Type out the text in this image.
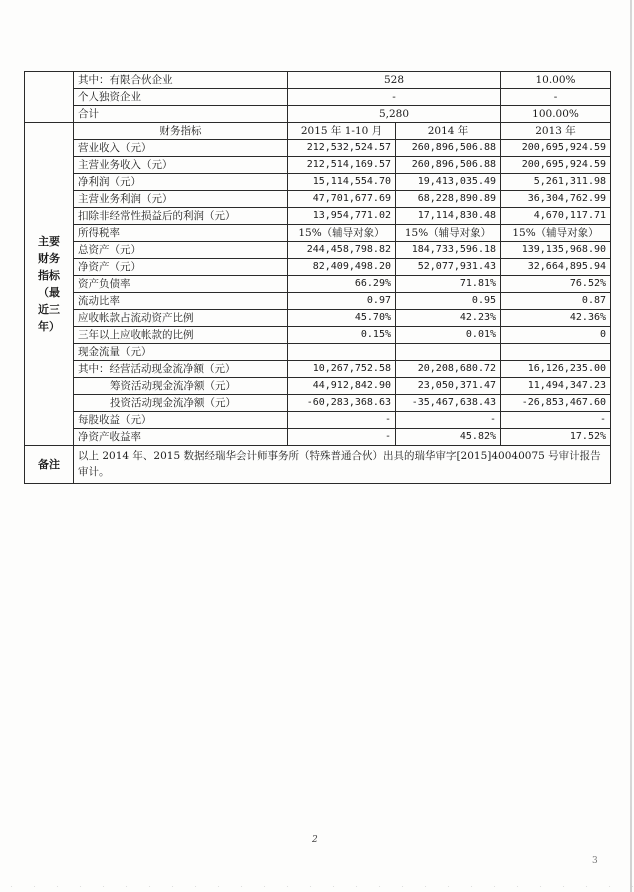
	其中：有限合伙企业	528		10.00%
	个人独资企业	-		-
	合计	5,280		100.00%
主要财务指标（最近三年）	财务指标	2015 年 1-10 月	2014 年	2013 年
	营业收入（元）	212,532,524.57	260,896,506.88	200,695,924.59
	主营业务收入（元）	212,514,169.57	260,896,506.88	200,695,924.59
	净利润（元）	15,114,554.70	19,413,035.49	5,261,311.98
	主营业务利润（元）	47,701,677.69	68,228,890.89	36,304,762.99
	扣除非经常性损益后的利润（元）	13,954,771.02	17,114,830.48	4,670,117.71
	所得税率	15%（辅导对象）	15%（辅导对象）	15%（辅导对象）
	总资产（元）	244,458,798.82	184,733,596.18	139,135,968.90
	净资产（元）	82,409,498.20	52,077,931.43	32,664,895.94
	资产负债率	66.29%	71.81%	76.52%
	流动比率	0.97	0.95	0.87
	应收帐款占流动资产比例	45.70%	42.23%	42.36%
	三年以上应收帐款的比例	0.15%	0.01%	0
	现金流量（元）			
	其中：经营活动现金流净额（元）	10,267,752.58	20,208,680.72	16,126,235.00
	筹资活动现金流净额（元）	44,912,842.90	23,050,371.47	11,494,347.23
	投资活动现金流净额（元）	-60,283,368.63	-35,467,638.43	-26,853,467.60
	每股收益（元）	-	-	-
	净资产收益率	-	45.82%	17.52%
备注	以上 2014 年、2015 数据经瑞华会计师事务所（特殊普通合伙）出具的瑞华审字[2015]40040075 号审计报告审计。			
2
3
